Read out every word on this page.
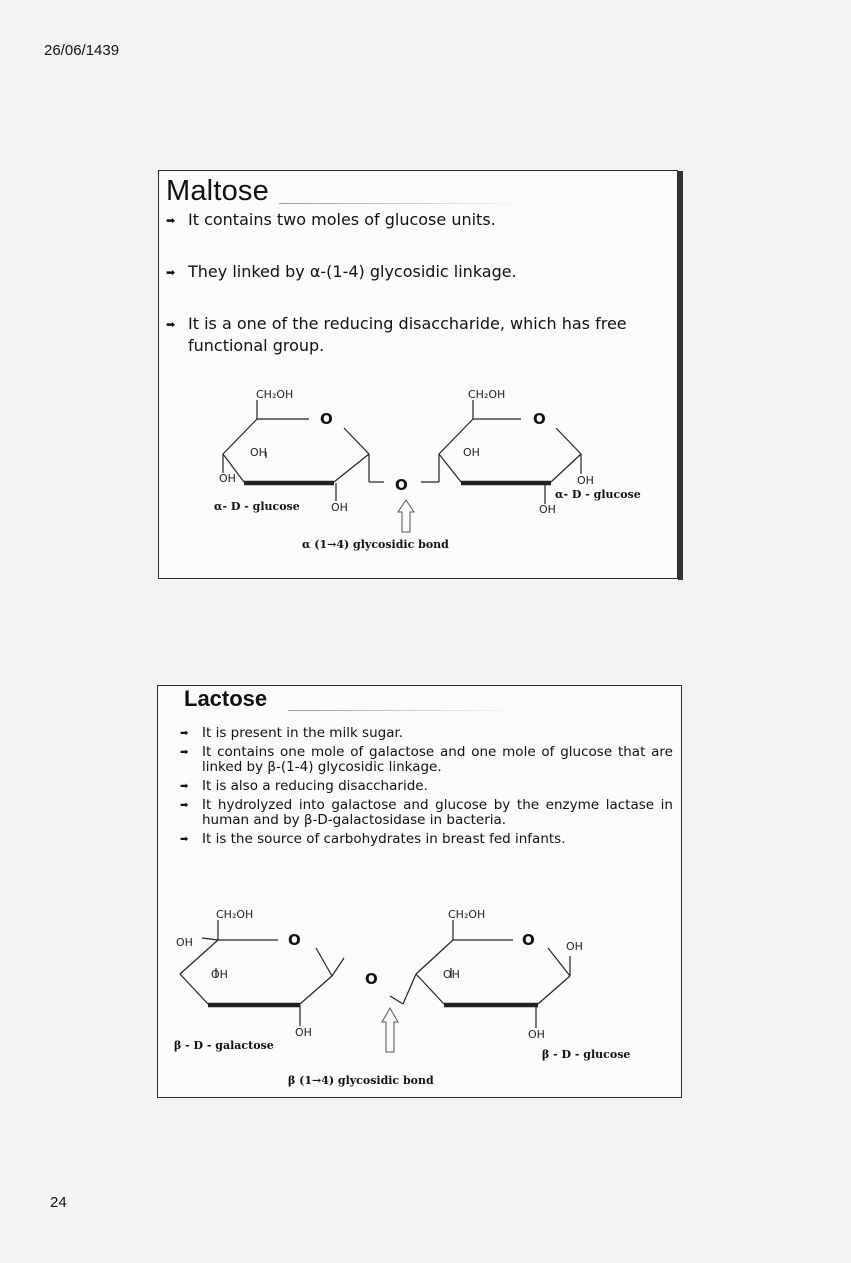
26/06/1439
Maltose
➡ It contains two moles of glucose units.
➡ They linked by α-(1-4) glycosidic linkage.
➡ It is a one of the reducing disaccharide, which has free functional group.
CH₂OH	CH₂OH
O	O
O
OH	OH
OH	OH
OH	OH
α- D - glucose
α- D - glucose
α (1→4) glycosidic bond
Lactose
➡ It is present in the milk sugar.
➡ It contains one mole of galactose and one mole of glucose that are linked by β-(1-4) glycosidic linkage.
➡ It is also a reducing disaccharide.
➡ It hydrolyzed into galactose and glucose by the enzyme lactase in human and by β-D-galactosidase in bacteria.
➡ It is the source of carbohydrates in breast fed infants.
CH₂OH	CH₂OH
O	O
O
OH	OH
OH	OH
OH	OH
β - D - galactose
β - D - glucose
β (1→4) glycosidic bond
24
